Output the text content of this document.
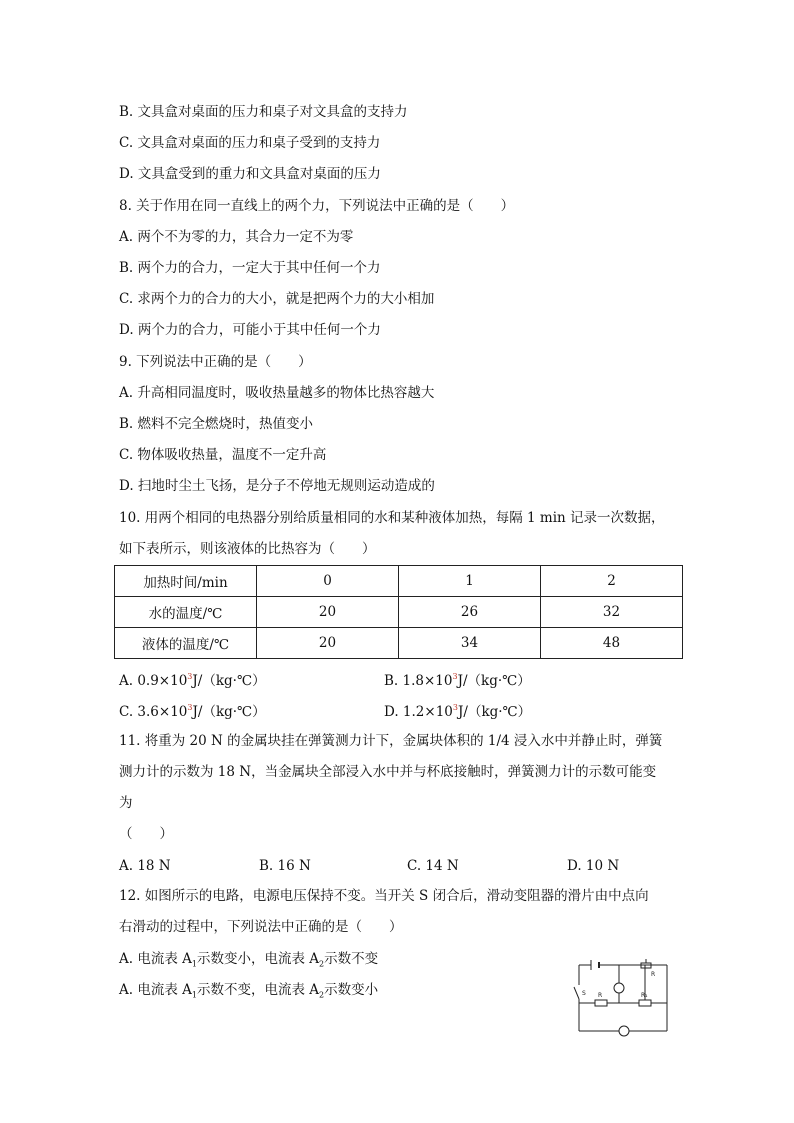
B. 文具盒对桌面的压力和桌子对文具盒的支持力
C. 文具盒对桌面的压力和桌子受到的支持力
D. 文具盒受到的重力和文具盒对桌面的压力
8. 关于作用在同一直线上的两个力，下列说法中正确的是（　　）
A. 两个不为零的力，其合力一定不为零
B. 两个力的合力，一定大于其中任何一个力
C. 求两个力的合力的大小，就是把两个力的大小相加
D. 两个力的合力，可能小于其中任何一个力
9. 下列说法中正确的是（　　）
A. 升高相同温度时，吸收热量越多的物体比热容越大
B. 燃料不完全燃烧时，热值变小
C. 物体吸收热量，温度不一定升高
D. 扫地时尘土飞扬，是分子不停地无规则运动造成的
10. 用两个相同的电热器分别给质量相同的水和某种液体加热，每隔 1 min 记录一次数据，
如下表所示，则该液体的比热容为（　　）
加热时间/min	0	1	2
水的温度/℃	20	26	32
液体的温度/℃	20	34	48
A. $0.9\times 10^3J/(kg\cdot℃)$	B. $1.8\times 10^3J/(kg\cdot℃)$
C. $3.6\times 10^3J/(kg\cdot℃)$	D. $1.2\times 10^3J/(kg\cdot℃)$
11. 将重为 20 N 的金属块挂在弹簧测力计下，金属块体积的 1/4 浸入水中并静止时，弹簧
测力计的示数为 18 N，当金属块全部浸入水中并与杯底接触时，弹簧测力计的示数可能变
为
（　　）
A. 18 N	B. 16 N	C. 14 N	D. 10 N
12. 如图所示的电路，电源电压保持不变。当开关 S 闭合后，滑动变阻器的滑片由中点向
右滑动的过程中，下列说法中正确的是（　　）
A. 电流表 $A_1$示数变小，电流表 $A_2$示数不变
A. 电流表 $A_1$示数不变，电流表 $A_2$示数变小	S R	R₁
R
